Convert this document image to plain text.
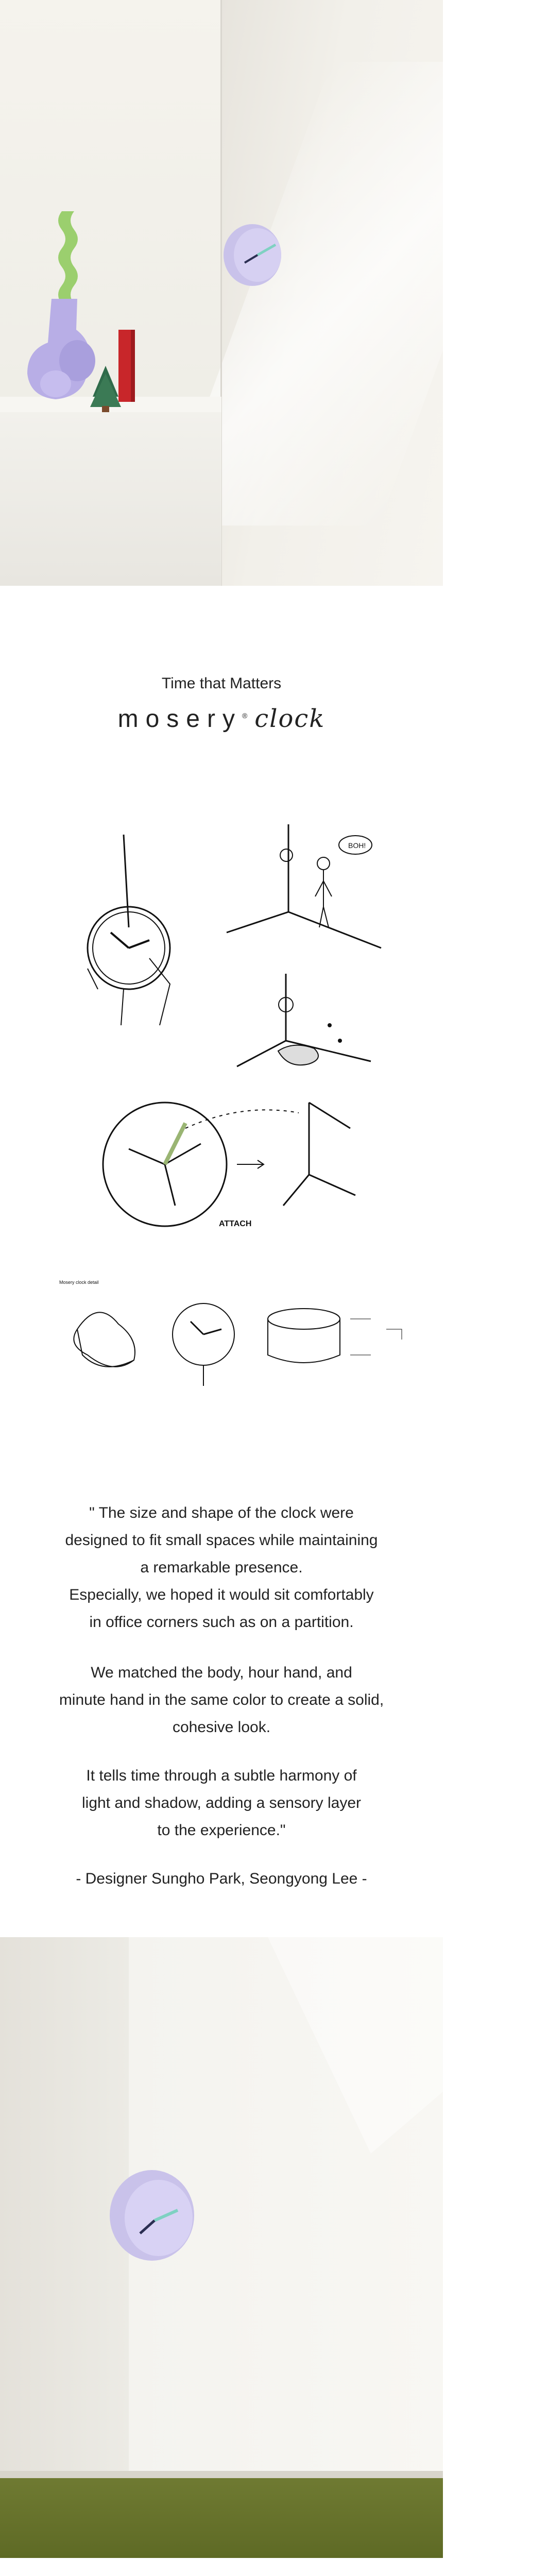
Time that Matters
mosery® clock
BOH!
ATTACH
Mosery clock detail
" The size and shape of the clock were
designed to fit small spaces while maintaining
a remarkable presence.
Especially, we hoped it would sit comfortably
in office corners such as on a partition.
We matched the body, hour hand, and
minute hand in the same color to create a solid,
cohesive look.
It tells time through a subtle harmony of
light and shadow, adding a sensory layer
to the experience."
- Designer Sungho Park, Seongyong Lee -
